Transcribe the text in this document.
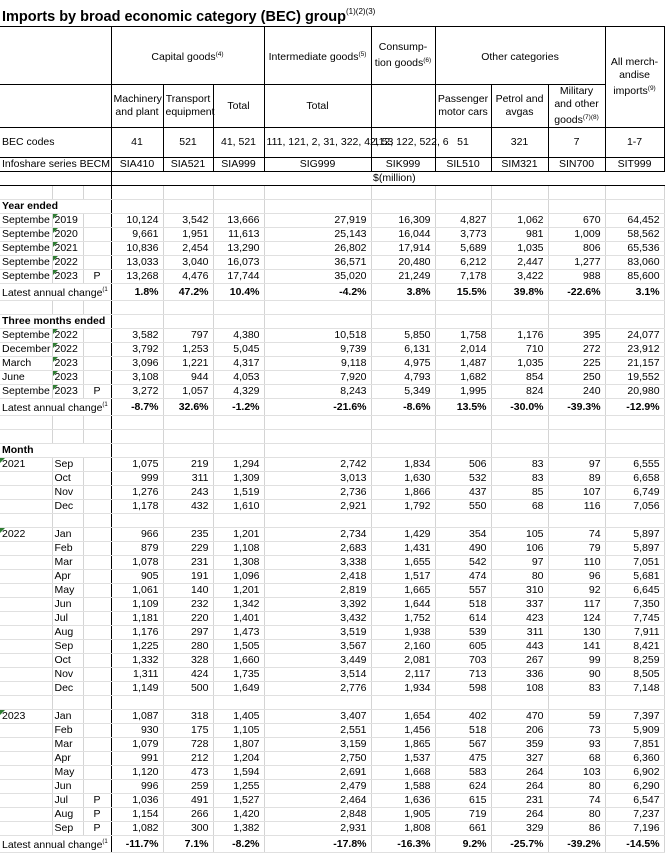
Imports by broad economic category (BEC) group$^{(1)(2)(3)}$
			Capital goods$^{(4)}$			Intermediate goods$^{(5)}$	Consump-tion goods$^{(6)}$	Other categories			All merch-andise imports$^{(9)}$
			Machinery and plant	Transport equipment	Total	Total		Passenger motor cars	Petrol and avgas	Military and other goods$^{(7)(8)}$
BEC codes			41	521	41, 521	111, 121, 2, 31, 322, 42, 53	112, 122, 522, 6	51	321	7	1-7
Infoshare series BECM			SIA410	SIA521	SIA999	SIG999	SIK999	SIL510	SIM321	SIN700	SIT999
							$(million)				

Year ended											
Septembe	2019		10,124	3,542	13,666	27,919	16,309	4,827	1,062	670	64,452
Septembe	2020		9,661	1,951	11,613	25,143	16,044	3,773	981	1,009	58,562
Septembe	2021		10,836	2,454	13,290	26,802	17,914	5,689	1,035	806	65,536
Septembe	2022		13,033	3,040	16,073	36,571	20,480	6,212	2,447	1,277	83,060
Septembe	2023	P	13,268	4,476	17,744	35,020	21,249	7,178	3,422	988	85,600
Latest annual change$^{(1}$			1.8%	47.2%	10.4%	-4.2%	3.8%	15.5%	39.8%	-22.6%	3.1%

Three months ended											
Septembe	2022		3,582	797	4,380	10,518	5,850	1,758	1,176	395	24,077
December	2022		3,792	1,253	5,045	9,739	6,131	2,014	710	272	23,912
March	2023		3,096	1,221	4,317	9,118	4,975	1,487	1,035	225	21,157
June	2023		3,108	944	4,053	7,920	4,793	1,682	854	250	19,552
Septembe	2023	P	3,272	1,057	4,329	8,243	5,349	1,995	824	240	20,980
Latest annual change$^{(1}$			-8.7%	32.6%	-1.2%	-21.6%	-8.6%	13.5%	-30.0%	-39.3%	-12.9%

Month											
2021	Sep		1,075	219	1,294	2,742	1,834	506	83	97	6,555
	Oct		999	311	1,309	3,013	1,630	532	83	89	6,658
	Nov		1,276	243	1,519	2,736	1,866	437	85	107	6,749
	Dec		1,178	432	1,610	2,921	1,792	550	68	116	7,056

2022	Jan		966	235	1,201	2,734	1,429	354	105	74	5,897
	Feb		879	229	1,108	2,683	1,431	490	106	79	5,897
	Mar		1,078	231	1,308	3,338	1,655	542	97	110	7,051
	Apr		905	191	1,096	2,418	1,517	474	80	96	5,681
	May		1,061	140	1,201	2,819	1,665	557	310	92	6,645
	Jun		1,109	232	1,342	3,392	1,644	518	337	117	7,350
	Jul		1,181	220	1,401	3,432	1,752	614	423	124	7,745
	Aug		1,176	297	1,473	3,519	1,938	539	311	130	7,911
	Sep		1,225	280	1,505	3,567	2,160	605	443	141	8,421
	Oct		1,332	328	1,660	3,449	2,081	703	267	99	8,259
	Nov		1,311	424	1,735	3,514	2,117	713	336	90	8,505
	Dec		1,149	500	1,649	2,776	1,934	598	108	83	7,148

2023	Jan		1,087	318	1,405	3,407	1,654	402	470	59	7,397
	Feb		930	175	1,105	2,551	1,456	518	206	73	5,909
	Mar		1,079	728	1,807	3,159	1,865	567	359	93	7,851
	Apr		991	212	1,204	2,750	1,537	475	327	68	6,360
	May		1,120	473	1,594	2,691	1,668	583	264	103	6,902
	Jun		996	259	1,255	2,479	1,588	624	264	80	6,290
	Jul	P	1,036	491	1,527	2,464	1,636	615	231	74	6,547
	Aug	P	1,154	266	1,420	2,848	1,905	719	264	80	7,237
	Sep	P	1,082	300	1,382	2,931	1,808	661	329	86	7,196
Latest annual change$^{(1}$			-11.7%	7.1%	-8.2%	-17.8%	-16.3%	9.2%	-25.7%	-39.2%	-14.5%
